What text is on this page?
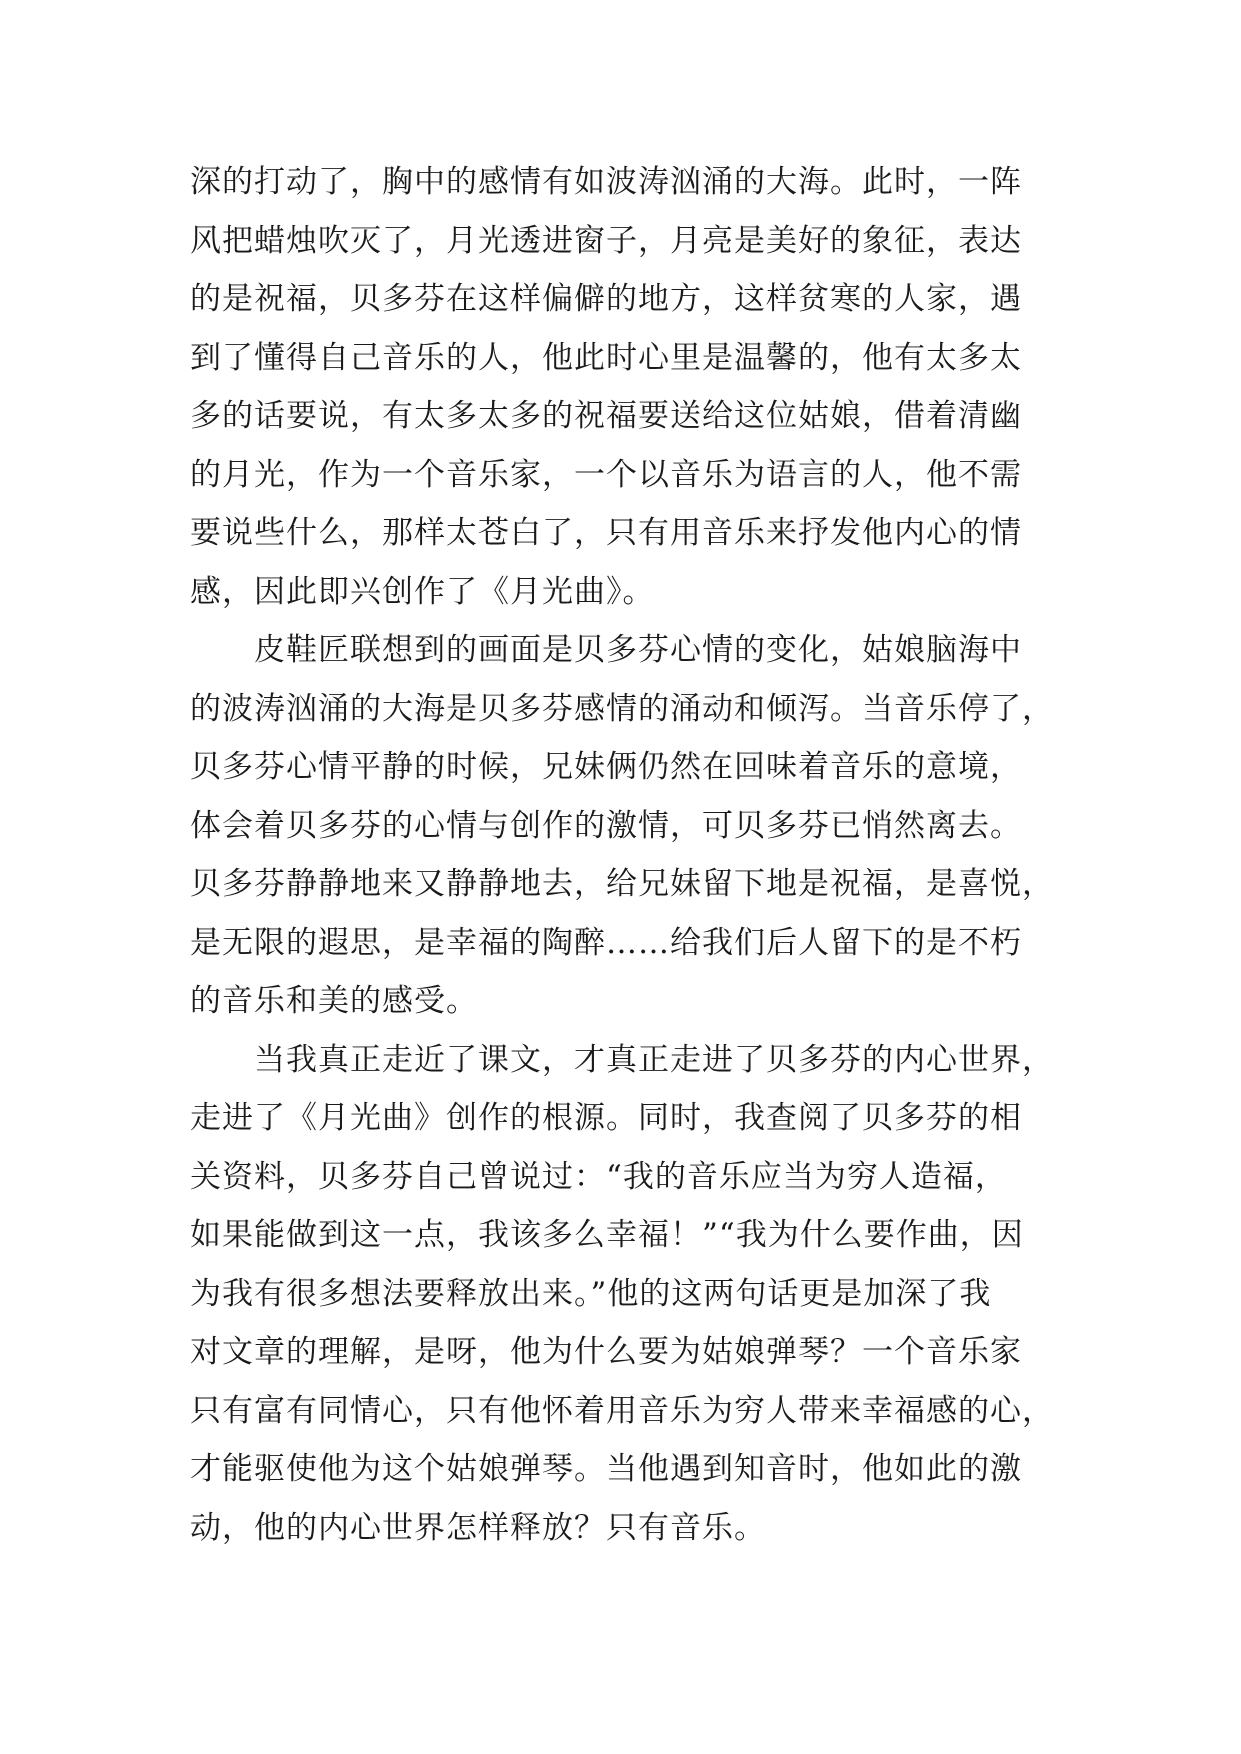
深的打动了，胸中的感情有如波涛汹涌的大海。此时，一阵
风把蜡烛吹灭了，月光透进窗子，月亮是美好的象征，表达
的是祝福，贝多芬在这样偏僻的地方，这样贫寒的人家，遇
到了懂得自己音乐的人，他此时心里是温馨的，他有太多太
多的话要说，有太多太多的祝福要送给这位姑娘，借着清幽
的月光，作为一个音乐家，一个以音乐为语言的人，他不需
要说些什么，那样太苍白了，只有用音乐来抒发他内心的情
感，因此即兴创作了《月光曲》。
　　皮鞋匠联想到的画面是贝多芬心情的变化，姑娘脑海中
的波涛汹涌的大海是贝多芬感情的涌动和倾泻。当音乐停了，
贝多芬心情平静的时候，兄妹俩仍然在回味着音乐的意境，
体会着贝多芬的心情与创作的激情，可贝多芬已悄然离去。
贝多芬静静地来又静静地去，给兄妹留下地是祝福，是喜悦，
是无限的遐思，是幸福的陶醉……给我们后人留下的是不朽
的音乐和美的感受。
　　当我真正走近了课文，才真正走进了贝多芬的内心世界，
走进了《月光曲》创作的根源。同时，我查阅了贝多芬的相
关资料，贝多芬自己曾说过：“我的音乐应当为穷人造福，
如果能做到这一点，我该多么幸福！”“我为什么要作曲，因
为我有很多想法要释放出来。”他的这两句话更是加深了我
对文章的理解，是呀，他为什么要为姑娘弹琴？一个音乐家
只有富有同情心，只有他怀着用音乐为穷人带来幸福感的心，
才能驱使他为这个姑娘弹琴。当他遇到知音时，他如此的激
动，他的内心世界怎样释放？只有音乐。
